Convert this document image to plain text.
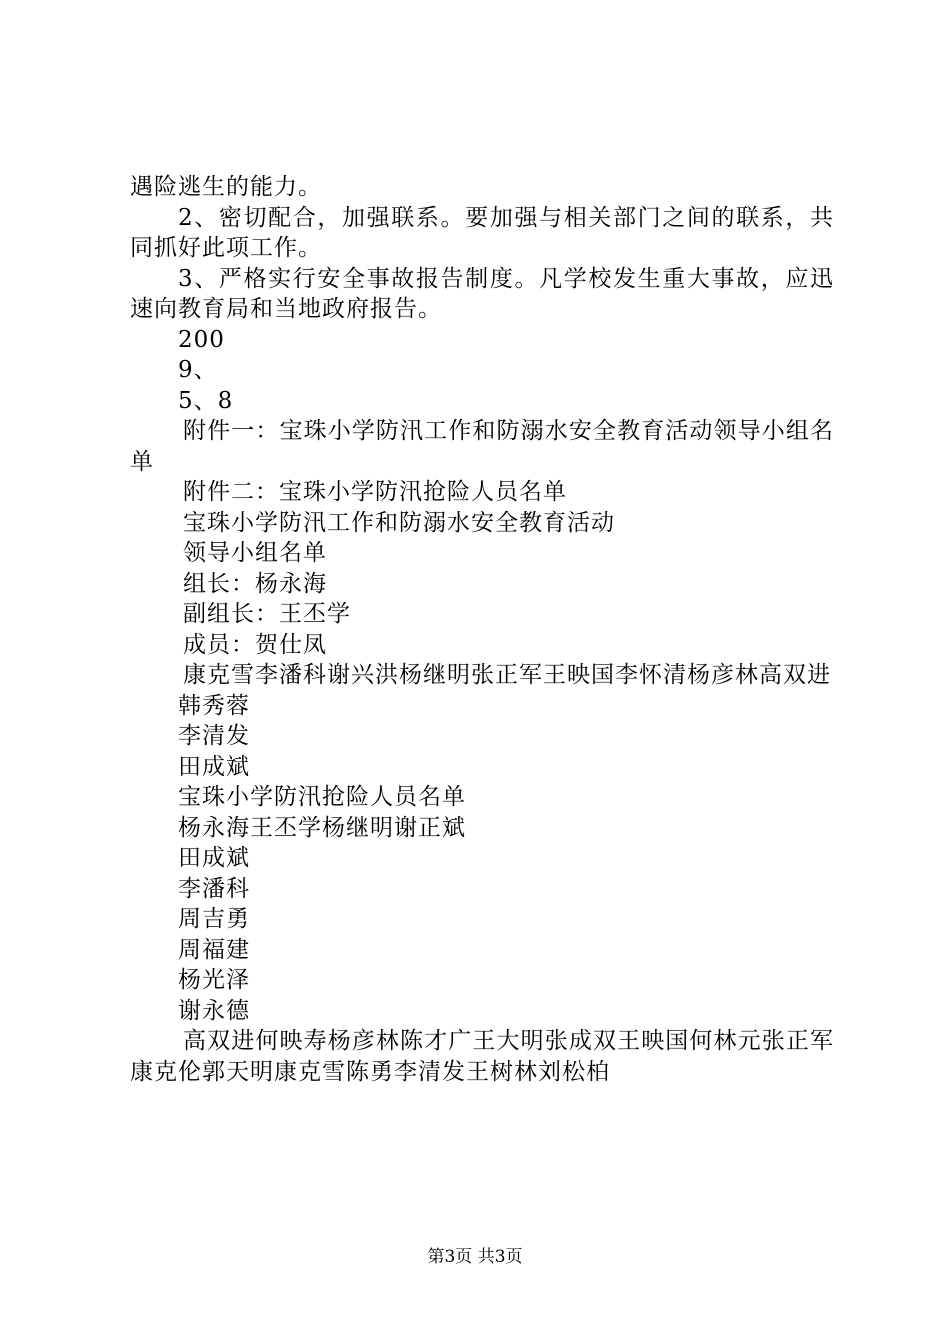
遇险逃生的能力。

2、密切配合，加强联系。要加强与相关部门之间的联系，共同抓好此项工作。

3、严格实行安全事故报告制度。凡学校发生重大事故，应迅速向教育局和当地政府报告。

200

9、

5、8

附件一：宝珠小学防汛工作和防溺水安全教育活动领导小组名单

附件二：宝珠小学防汛抢险人员名单

宝珠小学防汛工作和防溺水安全教育活动

领导小组名单

组长：杨永海

副组长：王丕学

成员：贺仕凤

康克雪李潘科谢兴洪杨继明张正军王映国李怀清杨彦林高双进

韩秀蓉

李清发

田成斌

宝珠小学防汛抢险人员名单

杨永海王丕学杨继明谢正斌

田成斌

李潘科

周吉勇

周福建

杨光泽

谢永德

高双进何映寿杨彦林陈才广王大明张成双王映国何林元张正军康克伦郭天明康克雪陈勇李清发王树林刘松柏

第3页 共3页
